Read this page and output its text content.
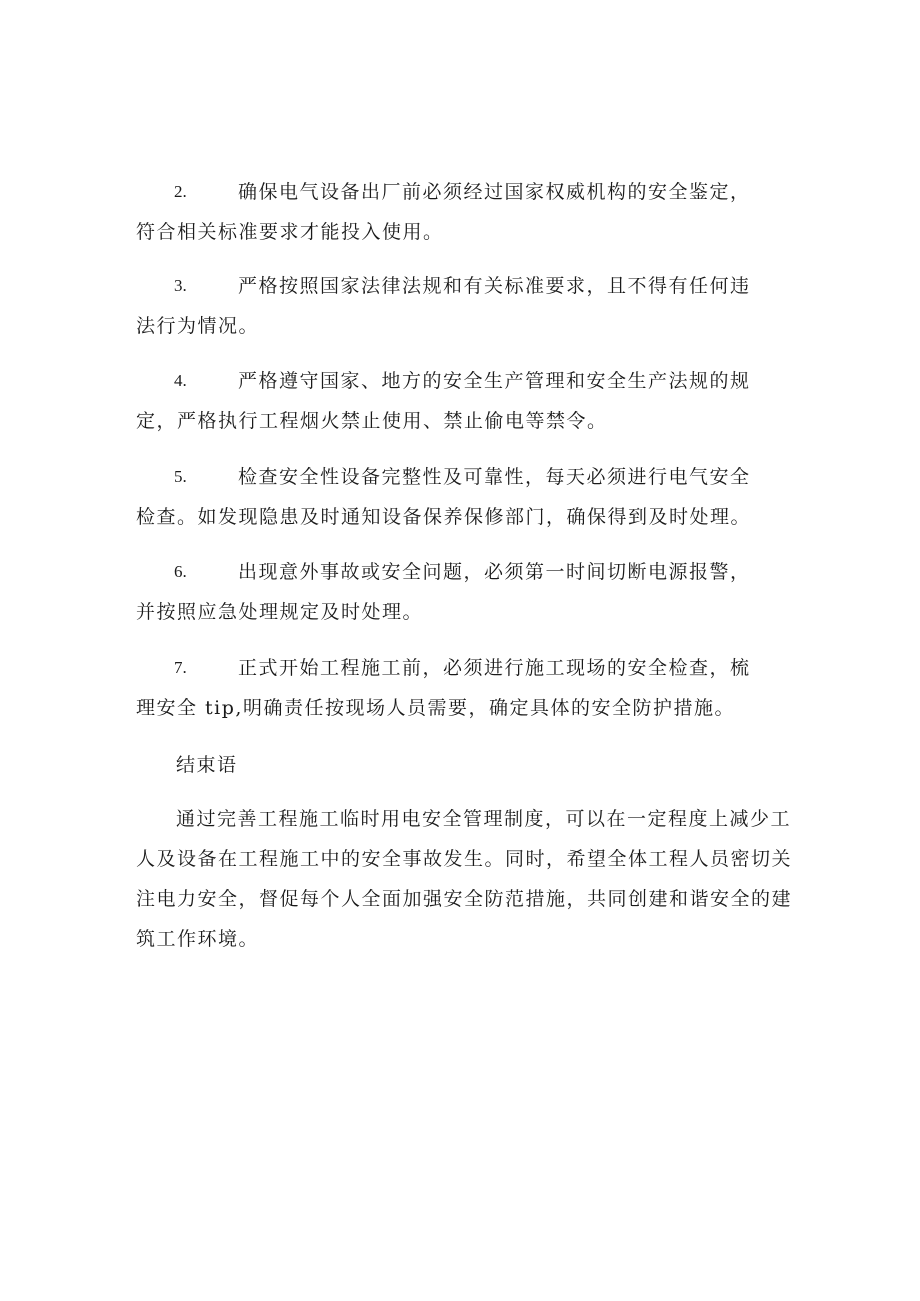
2.	确保电气设备出厂前必须经过国家权威机构的安全鉴定，
符合相关标准要求才能投入使用。
3.	严格按照国家法律法规和有关标准要求，且不得有任何违
法行为情况。
4.	严格遵守国家、地方的安全生产管理和安全生产法规的规
定，严格执行工程烟火禁止使用、禁止偷电等禁令。
5.	检查安全性设备完整性及可靠性，每天必须进行电气安全
检查。如发现隐患及时通知设备保养保修部门，确保得到及时处理。
6.	出现意外事故或安全问题，必须第一时间切断电源报警，
并按照应急处理规定及时处理。
7.	正式开始工程施工前，必须进行施工现场的安全检查，梳
理安全 tip,明确责任按现场人员需要，确定具体的安全防护措施。

结束语

通过完善工程施工临时用电安全管理制度，可以在一定程度上减少工
人及设备在工程施工中的安全事故发生。同时，希望全体工程人员密切关
注电力安全，督促每个人全面加强安全防范措施，共同创建和谐安全的建
筑工作环境。
